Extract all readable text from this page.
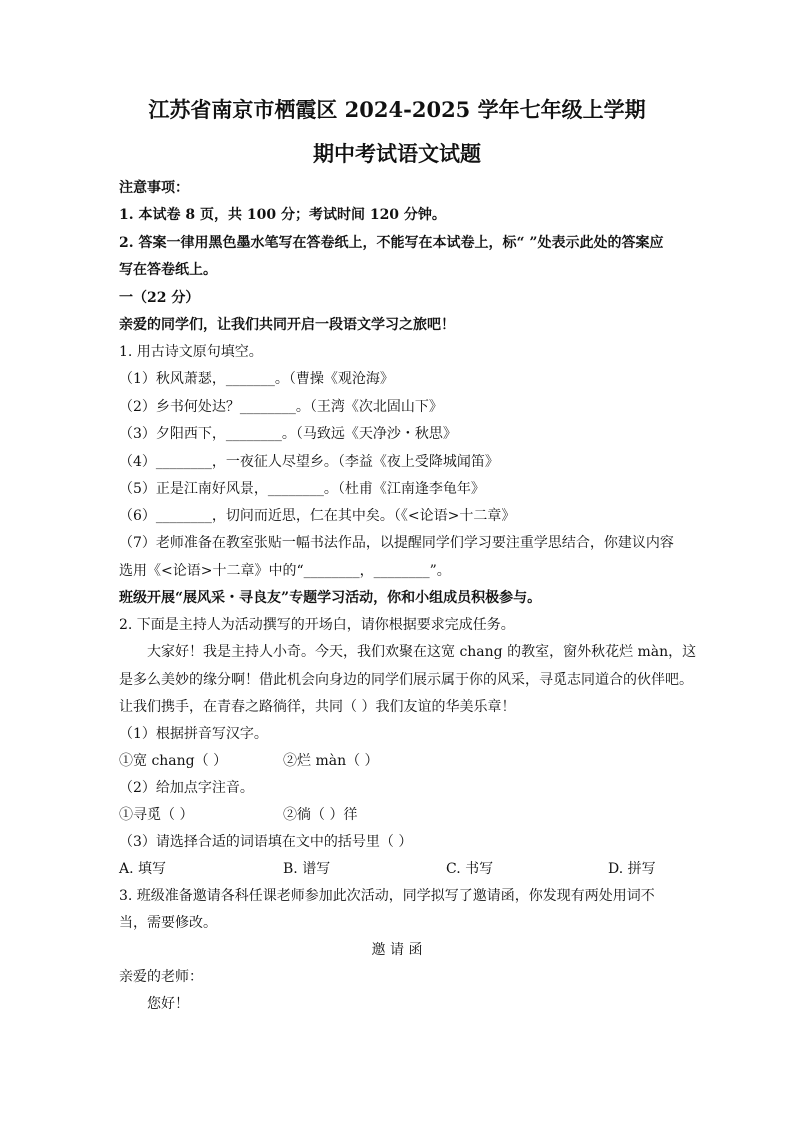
江苏省南京市栖霞区 2024-2025 学年七年级上学期
期中考试语文试题
注意事项：
1. 本试卷 8 页，共 100 分；考试时间 120 分钟。
2. 答案一律用黑色墨水笔写在答卷纸上，不能写在本试卷上，标“ ”处表示此处的答案应
写在答卷纸上。
一（22 分）
亲爱的同学们，让我们共同开启一段语文学习之旅吧！
1. 用古诗文原句填空。
（1）秋风萧瑟，_______。（曹操《观沧海》
（2）乡书何处达？________。（王湾《次北固山下》
（3）夕阳西下，________。（马致远《天净沙・秋思》
（4）________，一夜征人尽望乡。（李益《夜上受降城闻笛》
（5）正是江南好风景，________。（杜甫《江南逢李龟年》
（6）________，切问而近思，仁在其中矣。（《<论语>十二章》
（7）老师准备在教室张贴一幅书法作品，以提醒同学们学习要注重学思结合，你建议内容
选用《<论语>十二章》中的“________，________”。
班级开展“展风采・寻良友”专题学习活动，你和小组成员积极参与。
2. 下面是主持人为活动撰写的开场白，请你根据要求完成任务。
大家好！我是主持人小奇。今天，我们欢聚在这宽 chang 的教室，窗外秋花烂 màn，这
是多么美妙的缘分啊！借此机会向身边的同学们展示属于你的风采，寻觅志同道合的伙伴吧。
让我们携手，在青春之路徜徉，共同（ ）我们友谊的华美乐章！
（1）根据拼音写汉字。
①宽 chang（ ）	②烂 màn（ ）
（2）给加点字注音。
①寻觅（ ）	②徜（ ）徉
（3）请选择合适的词语填在文中的括号里（ ）
A. 填写	B. 谱写	C. 书写	D. 拼写
3. 班级准备邀请各科任课老师参加此次活动，同学拟写了邀请函，你发现有两处用词不
当，需要修改。
邀 请 函
亲爱的老师：
您好！
